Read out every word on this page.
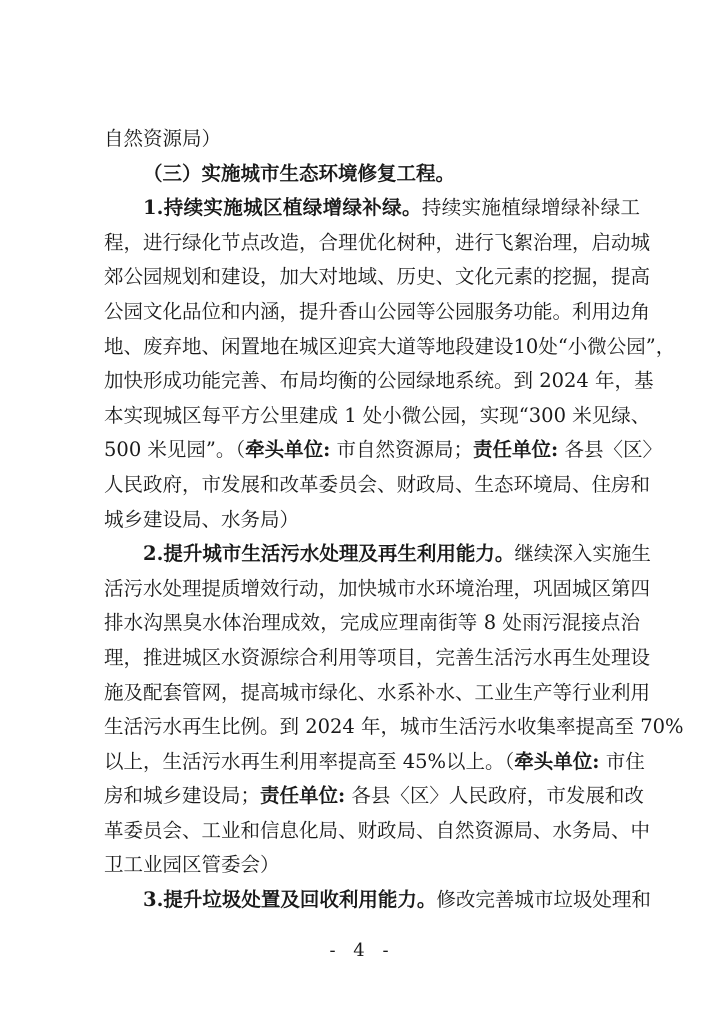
自然资源局）
（三）实施城市生态环境修复工程。
1.持续实施城区植绿增绿补绿。持续实施植绿增绿补绿工
程，进行绿化节点改造，合理优化树种，进行飞絮治理，启动城
郊公园规划和建设，加大对地域、历史、文化元素的挖掘，提高
公园文化品位和内涵，提升香山公园等公园服务功能。利用边角
地、废弃地、闲置地在城区迎宾大道等地段建设10处“小微公园”，
加快形成功能完善、布局均衡的公园绿地系统。到 2024 年，基
本实现城区每平方公里建成 1 处小微公园，实现“300 米见绿、
500 米见园”。（牵头单位: 市自然资源局；责任单位: 各县〈区〉
人民政府，市发展和改革委员会、财政局、生态环境局、住房和
城乡建设局、水务局）
2.提升城市生活污水处理及再生利用能力。继续深入实施生
活污水处理提质增效行动，加快城市水环境治理，巩固城区第四
排水沟黑臭水体治理成效，完成应理南街等 8 处雨污混接点治
理，推进城区水资源综合利用等项目，完善生活污水再生处理设
施及配套管网，提高城市绿化、水系补水、工业生产等行业利用
生活污水再生比例。到 2024 年，城市生活污水收集率提高至 70%
以上，生活污水再生利用率提高至 45%以上。（牵头单位: 市住
房和城乡建设局；责任单位: 各县〈区〉人民政府，市发展和改
革委员会、工业和信息化局、财政局、自然资源局、水务局、中
卫工业园区管委会）
3.提升垃圾处置及回收利用能力。修改完善城市垃圾处理和
- 4 -
